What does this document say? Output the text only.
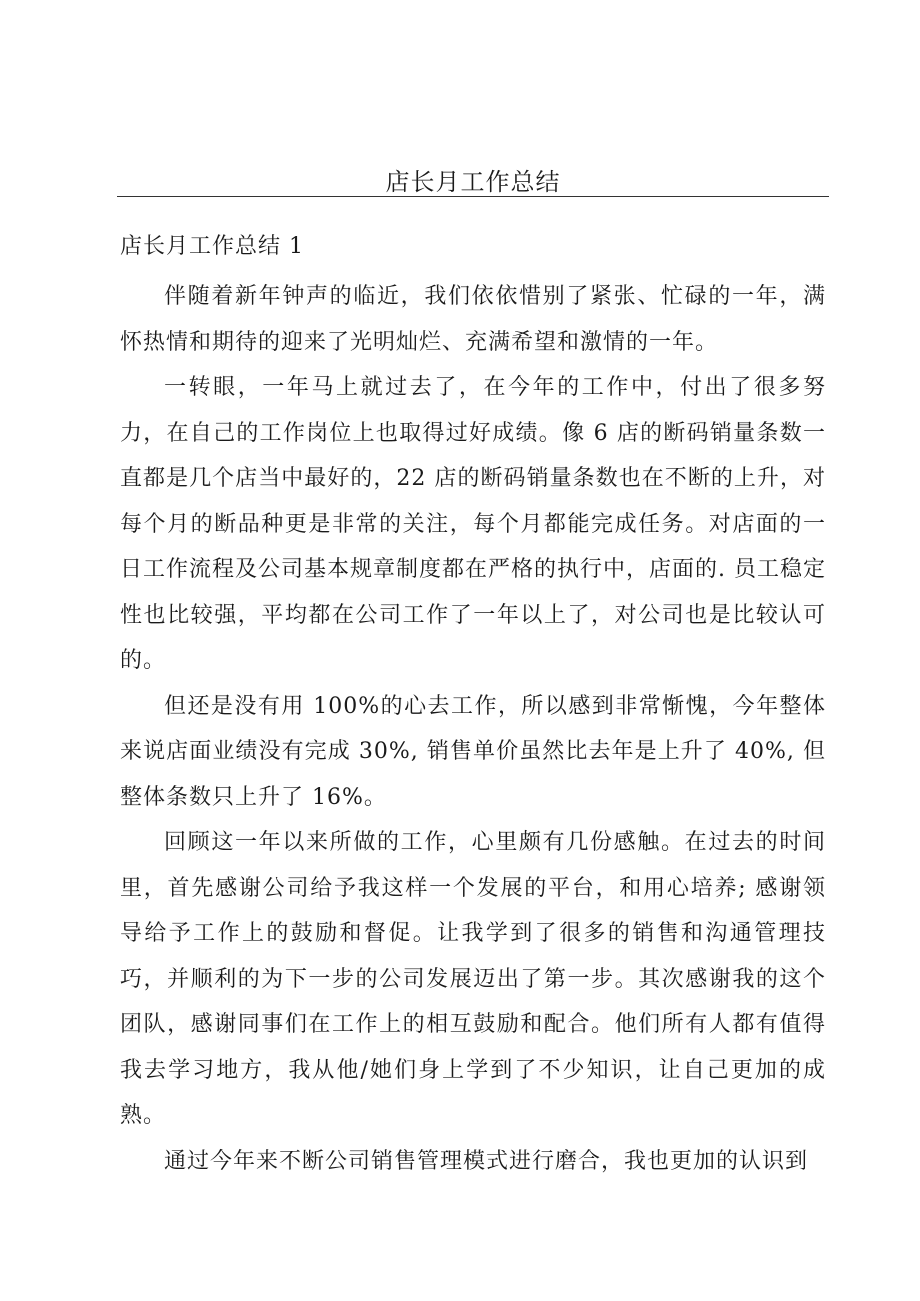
店长月工作总结
店长月工作总结 1

伴随着新年钟声的临近，我们依依惜别了紧张、忙碌的一年，满怀热情和期待的迎来了光明灿烂、充满希望和激情的一年。

一转眼，一年马上就过去了，在今年的工作中，付出了很多努力，在自己的工作岗位上也取得过好成绩。像 6 店的断码销量条数一直都是几个店当中最好的，22 店的断码销量条数也在不断的上升，对每个月的断品种更是非常的关注，每个月都能完成任务。对店面的一日工作流程及公司基本规章制度都在严格的执行中，店面的. 员工稳定性也比较强，平均都在公司工作了一年以上了，对公司也是比较认可的。

但还是没有用 100%的心去工作，所以感到非常惭愧，今年整体来说店面业绩没有完成 30%, 销售单价虽然比去年是上升了 40%, 但整体条数只上升了 16%。

回顾这一年以来所做的工作，心里颇有几份感触。在过去的时间里，首先感谢公司给予我这样一个发展的平台，和用心培养; 感谢领导给予工作上的鼓励和督促。让我学到了很多的销售和沟通管理技巧，并顺利的为下一步的公司发展迈出了第一步。其次感谢我的这个团队，感谢同事们在工作上的相互鼓励和配合。他们所有人都有值得我去学习地方，我从他/她们身上学到了不少知识，让自己更加的成熟。

通过今年来不断公司销售管理模式进行磨合，我也更加的认识到
